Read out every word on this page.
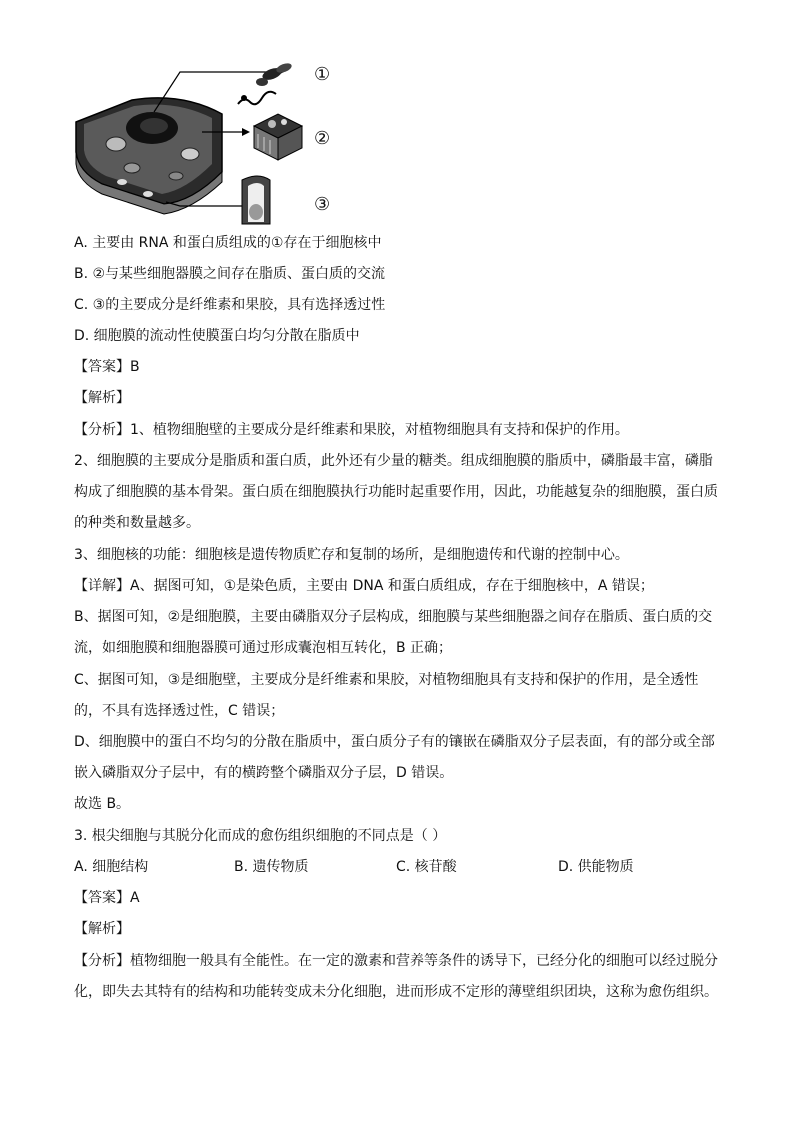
①
②
③
A. 主要由 RNA 和蛋白质组成的①存在于细胞核中
B. ②与某些细胞器膜之间存在脂质、蛋白质的交流
C. ③的主要成分是纤维素和果胶，具有选择透过性
D. 细胞膜的流动性使膜蛋白均匀分散在脂质中
【答案】B
【解析】
【分析】1、植物细胞壁的主要成分是纤维素和果胶，对植物细胞具有支持和保护的作用。
2、细胞膜的主要成分是脂质和蛋白质，此外还有少量的糖类。组成细胞膜的脂质中，磷脂最丰富，磷脂
构成了细胞膜的基本骨架。蛋白质在细胞膜执行功能时起重要作用，因此，功能越复杂的细胞膜，蛋白质
的种类和数量越多。
3、细胞核的功能：细胞核是遗传物质贮存和复制的场所，是细胞遗传和代谢的控制中心。
【详解】A、据图可知，①是染色质，主要由 DNA 和蛋白质组成，存在于细胞核中，A 错误；
B、据图可知，②是细胞膜，主要由磷脂双分子层构成，细胞膜与某些细胞器之间存在脂质、蛋白质的交
流，如细胞膜和细胞器膜可通过形成囊泡相互转化，B 正确；
C、据图可知，③是细胞壁，主要成分是纤维素和果胶，对植物细胞具有支持和保护的作用，是全透性
的，不具有选择透过性，C 错误；
D、细胞膜中的蛋白不均匀的分散在脂质中，蛋白质分子有的镶嵌在磷脂双分子层表面，有的部分或全部
嵌入磷脂双分子层中，有的横跨整个磷脂双分子层，D 错误。
故选 B。
3. 根尖细胞与其脱分化而成的愈伤组织细胞的不同点是（ ）
A. 细胞结构	B. 遗传物质	C. 核苷酸	D. 供能物质
【答案】A
【解析】
【分析】植物细胞一般具有全能性。在一定的激素和营养等条件的诱导下，已经分化的细胞可以经过脱分
化，即失去其特有的结构和功能转变成未分化细胞，进而形成不定形的薄壁组织团块，这称为愈伤组织。
